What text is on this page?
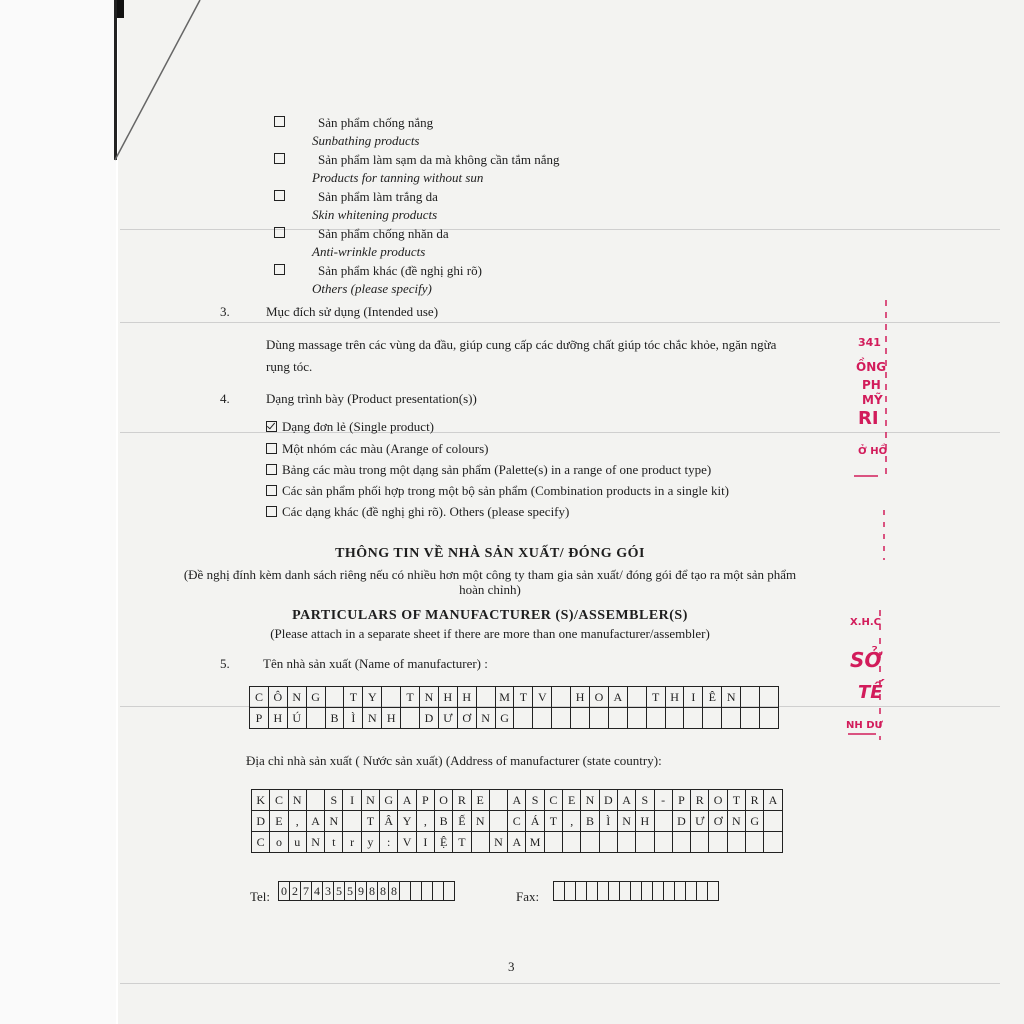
Sản phẩm chống nắng
Sunbathing products
Sản phẩm làm sạm da mà không cần tắm nắng
Products for tanning without sun
Sản phẩm làm trắng da
Skin whitening products
Sản phẩm chống nhăn da
Anti-wrinkle products
Sản phẩm khác (đề nghị ghi rõ)
Others (please specify)
3.	Mục đích sử dụng (Intended use)
Dùng massage trên các vùng da đầu, giúp cung cấp các dưỡng chất giúp tóc chắc khỏe, ngăn ngừa
rụng tóc.
4.	Dạng trình bày (Product presentation(s))
Dạng đơn lẻ (Single product)
Một nhóm các màu (Arange of colours)
Bảng các màu trong một dạng sản phẩm (Palette(s) in a range of one product type)
Các sản phẩm phối hợp trong một bộ sản phẩm (Combination products in a single kit)
Các dạng khác (đề nghị ghi rõ). Others (please specify)
THÔNG TIN VỀ NHÀ SẢN XUẤT/ ĐÓNG GÓI
(Đề nghị đính kèm danh sách riêng nếu có nhiều hơn một công ty tham gia sản xuất/ đóng gói để tạo ra một sản phẩm hoàn chỉnh)
PARTICULARS OF MANUFACTURER (S)/ASSEMBLER(S)
(Please attach in a separate sheet if there are more than one manufacturer/assembler)
5.	Tên nhà sản xuất (Name of manufacturer) :
C Ô N G	T Y	T N H H	M T V	H O A	T H	I	Ê N
P H Ú	B	Ì	N H	D Ư Ơ N G
Địa chỉ nhà sản xuất ( Nước sản xuất) (Address of manufacturer (state country):
K C N	S	I N G A P O R E	A S C E N D A S	-	P R O T R A
D E	,	A N	T Â Y	,	B Ế N	C Á T	,	B	Ì N H	D Ư Ơ N G
C o	u N	t	r	y	:	V I	Ệ T	N A M
Tel: 0 2 7 4 3 5 5 9 8 8 8	Fax:
3
341
ỒNG
PH
MỸ
RI
Ở HỒ
X.H.C
SỞ
TẾ
NH DƯ
